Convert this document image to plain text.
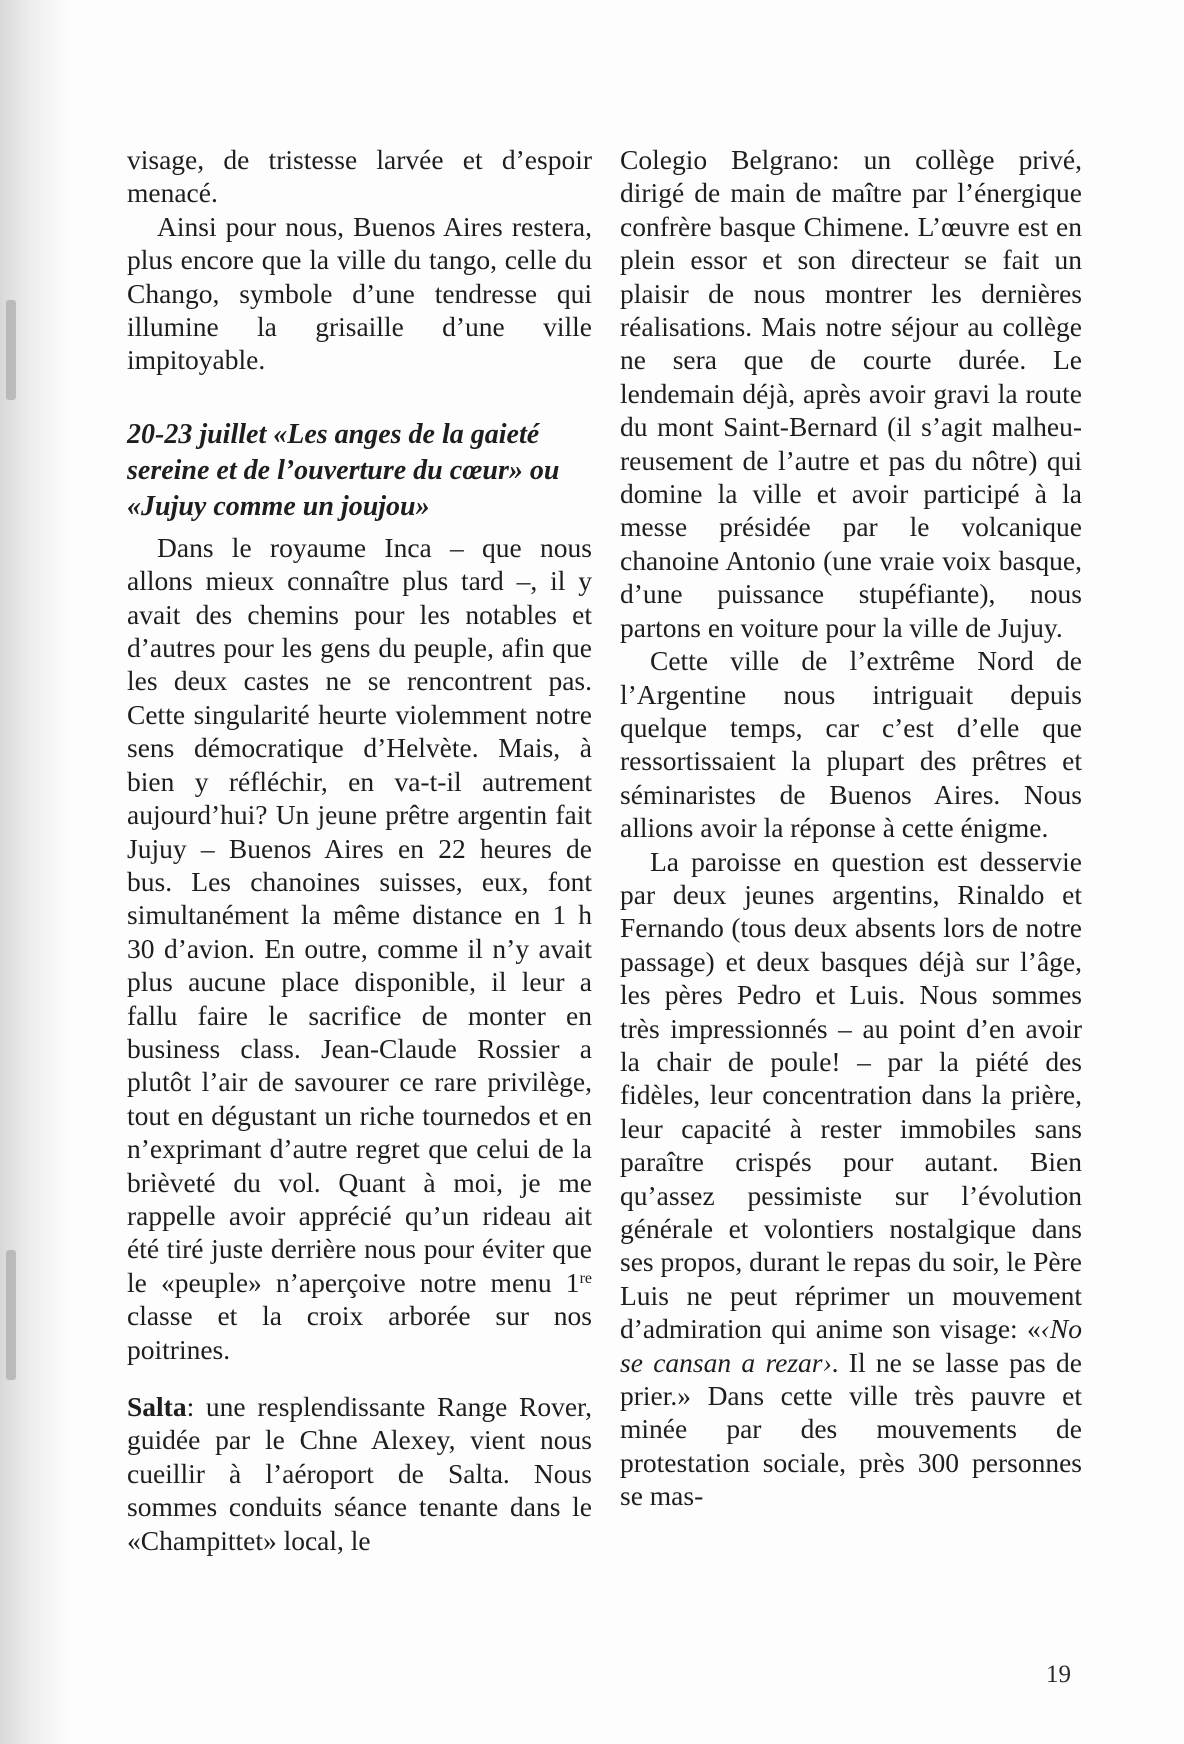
visage, de tristesse larvée et d’espoir menacé.

Ainsi pour nous, Buenos Aires restera, plus encore que la ville du tango, celle du Chango, symbole d’une tendresse qui illumine la grisaille d’une ville impitoyable.

20-23 juillet «Les anges de la gaieté sereine et de l’ouverture du cœur» ou «Jujuy comme un joujou»

Dans le royaume Inca – que nous allons mieux connaître plus tard –, il y avait des chemins pour les notables et d’autres pour les gens du peuple, afin que les deux castes ne se rencontrent pas. Cette singularité heurte violemment notre sens démocratique d’Helvète. Mais, à bien y réfléchir, en va-t-il autrement aujourd’hui? Un jeune prêtre argentin fait Jujuy – Buenos Aires en 22 heures de bus. Les chanoines suisses, eux, font simultanément la même distance en 1 h 30 d’avion. En outre, comme il n’y avait plus aucune place disponible, il leur a fallu faire le sacrifice de monter en business class. Jean-Claude Rossier a plutôt l’air de savourer ce rare privilège, tout en dégustant un riche tournedos et en n’exprimant d’autre regret que celui de la brièveté du vol. Quant à moi, je me rappelle avoir apprécié qu’un rideau ait été tiré juste derrière nous pour éviter que le «peuple» n’aperçoive notre menu 1re classe et la croix arborée sur nos poitrines.

Salta: une resplendissante Range Rover, guidée par le Chne Alexey, vient nous cueillir à l’aéroport de Salta. Nous sommes conduits séance tenante dans le «Champittet» local, le

Colegio Belgrano: un collège privé, dirigé de main de maître par l’énergique confrère basque Chimene. L’œuvre est en plein essor et son directeur se fait un plaisir de nous montrer les dernières réalisations. Mais notre séjour au collège ne sera que de courte durée. Le lendemain déjà, après avoir gravi la route du mont Saint-Bernard (il s’agit malheureusement de l’autre et pas du nôtre) qui domine la ville et avoir participé à la messe présidée par le volcanique chanoine Antonio (une vraie voix basque, d’une puissance stupéfiante), nous partons en voiture pour la ville de Jujuy.

Cette ville de l’extrême Nord de l’Argentine nous intriguait depuis quelque temps, car c’est d’elle que ressortissaient la plupart des prêtres et séminaristes de Buenos Aires. Nous allions avoir la réponse à cette énigme.

La paroisse en question est desservie par deux jeunes argentins, Rinaldo et Fernando (tous deux absents lors de notre passage) et deux basques déjà sur l’âge, les pères Pedro et Luis. Nous sommes très impressionnés – au point d’en avoir la chair de poule! – par la piété des fidèles, leur concentration dans la prière, leur capacité à rester immobiles sans paraître crispés pour autant. Bien qu’assez pessimiste sur l’évolution générale et volontiers nostalgique dans ses propos, durant le repas du soir, le Père Luis ne peut réprimer un mouvement d’admiration qui anime son visage: «‹No se cansan a rezar›. Il ne se lasse pas de prier.» Dans cette ville très pauvre et minée par des mouvements de protestation sociale, près 300 personnes se mas-

19
